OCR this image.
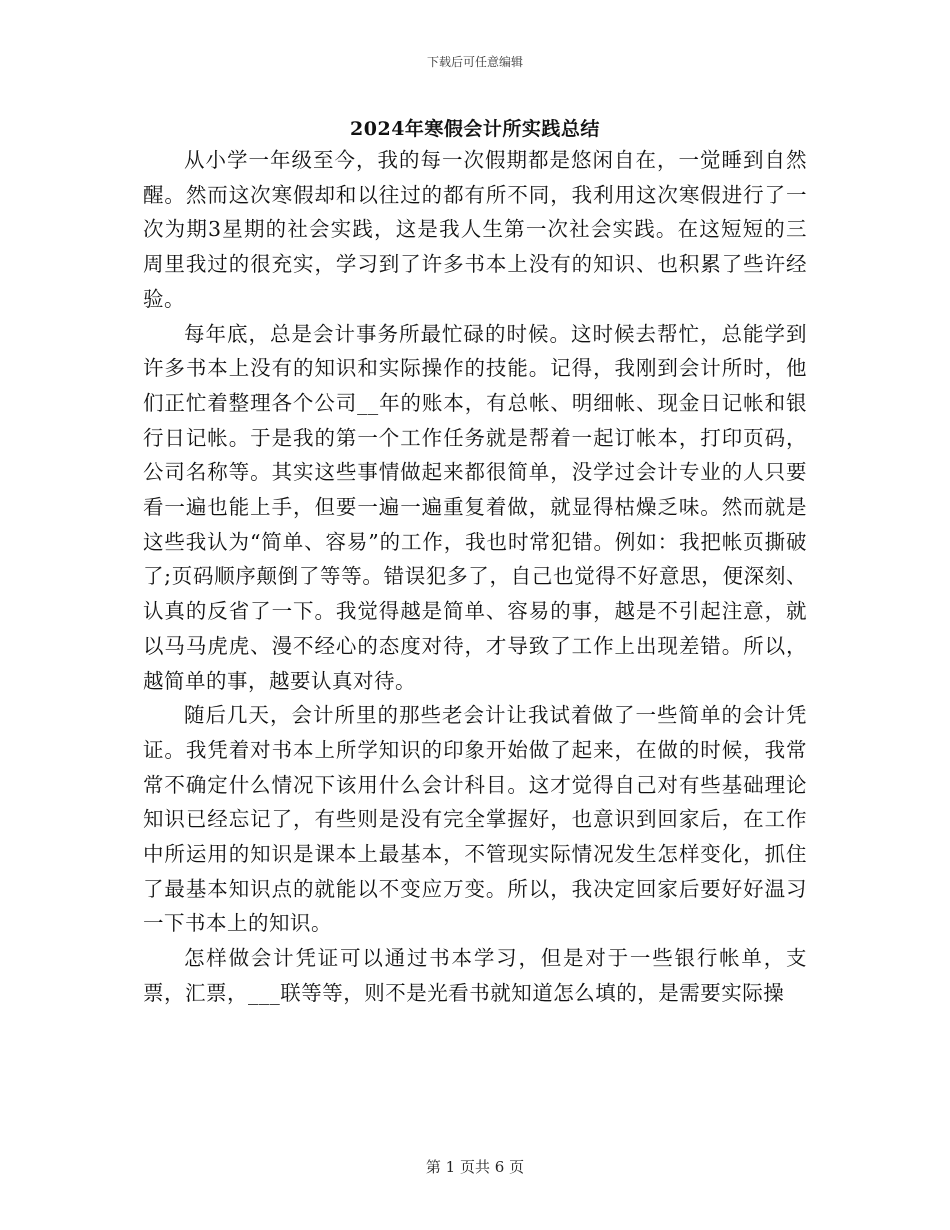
下载后可任意编辑
2024年寒假会计所实践总结

从小学一年级至今，我的每一次假期都是悠闲自在，一觉睡到自然醒。然而这次寒假却和以往过的都有所不同，我利用这次寒假进行了一次为期3星期的社会实践，这是我人生第一次社会实践。在这短短的三周里我过的很充实，学习到了许多书本上没有的知识、也积累了些许经验。

每年底，总是会计事务所最忙碌的时候。这时候去帮忙，总能学到许多书本上没有的知识和实际操作的技能。记得，我刚到会计所时，他们正忙着整理各个公司__年的账本，有总帐、明细帐、现金日记帐和银行日记帐。于是我的第一个工作任务就是帮着一起订帐本，打印页码，公司名称等。其实这些事情做起来都很简单，没学过会计专业的人只要看一遍也能上手，但要一遍一遍重复着做，就显得枯燥乏味。然而就是这些我认为“简单、容易”的工作，我也时常犯错。例如：我把帐页撕破了;页码顺序颠倒了等等。错误犯多了，自己也觉得不好意思，便深刻、认真的反省了一下。我觉得越是简单、容易的事，越是不引起注意，就以马马虎虎、漫不经心的态度对待，才导致了工作上出现差错。所以，越简单的事，越要认真对待。

随后几天，会计所里的那些老会计让我试着做了一些简单的会计凭证。我凭着对书本上所学知识的印象开始做了起来，在做的时候，我常常不确定什么情况下该用什么会计科目。这才觉得自己对有些基础理论知识已经忘记了，有些则是没有完全掌握好，也意识到回家后，在工作中所运用的知识是课本上最基本，不管现实际情况发生怎样变化，抓住了最基本知识点的就能以不变应万变。所以，我决定回家后要好好温习一下书本上的知识。

怎样做会计凭证可以通过书本学习，但是对于一些银行帐单，支票，汇票，___联等等，则不是光看书就知道怎么填的，是需要实际操

第 1 页共 6 页
